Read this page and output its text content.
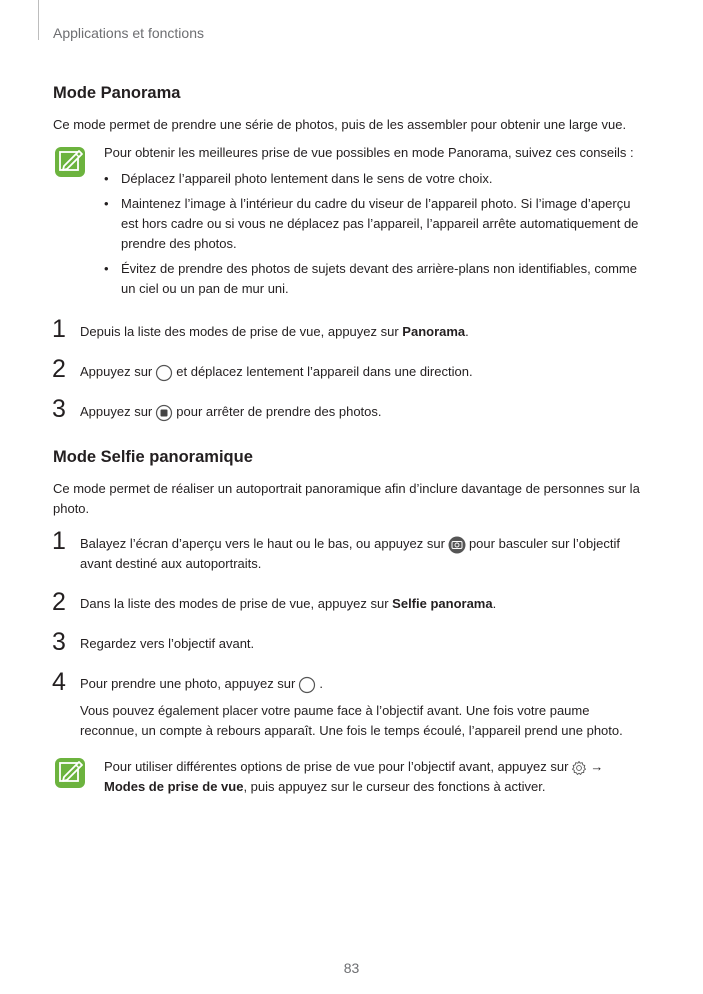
Applications et fonctions
Mode Panorama
Ce mode permet de prendre une série de photos, puis de les assembler pour obtenir une large vue.
Pour obtenir les meilleures prise de vue possibles en mode Panorama, suivez ces conseils :
• Déplacez l’appareil photo lentement dans le sens de votre choix.
• Maintenez l’image à l’intérieur du cadre du viseur de l’appareil photo. Si l’image d’aperçu est hors cadre ou si vous ne déplacez pas l’appareil, l’appareil arrête automatiquement de prendre des photos.
• Évitez de prendre des photos de sujets devant des arrière-plans non identifiables, comme un ciel ou un pan de mur uni.
1 Depuis la liste des modes de prise de vue, appuyez sur Panorama.
2 Appuyez sur et déplacez lentement l’appareil dans une direction.
3 Appuyez sur pour arrêter de prendre des photos.
Mode Selfie panoramique
Ce mode permet de réaliser un autoportrait panoramique afin d’inclure davantage de personnes sur la photo.
1 Balayez l’écran d’aperçu vers le haut ou le bas, ou appuyez sur pour basculer sur l’objectif avant destiné aux autoportraits.
2 Dans la liste des modes de prise de vue, appuyez sur Selfie panorama.
3 Regardez vers l’objectif avant.
4 Pour prendre une photo, appuyez sur .
Vous pouvez également placer votre paume face à l’objectif avant. Une fois votre paume reconnue, un compte à rebours apparaît. Une fois le temps écoulé, l’appareil prend une photo.
Pour utiliser différentes options de prise de vue pour l’objectif avant, appuyez sur →
Modes de prise de vue, puis appuyez sur le curseur des fonctions à activer.
83
